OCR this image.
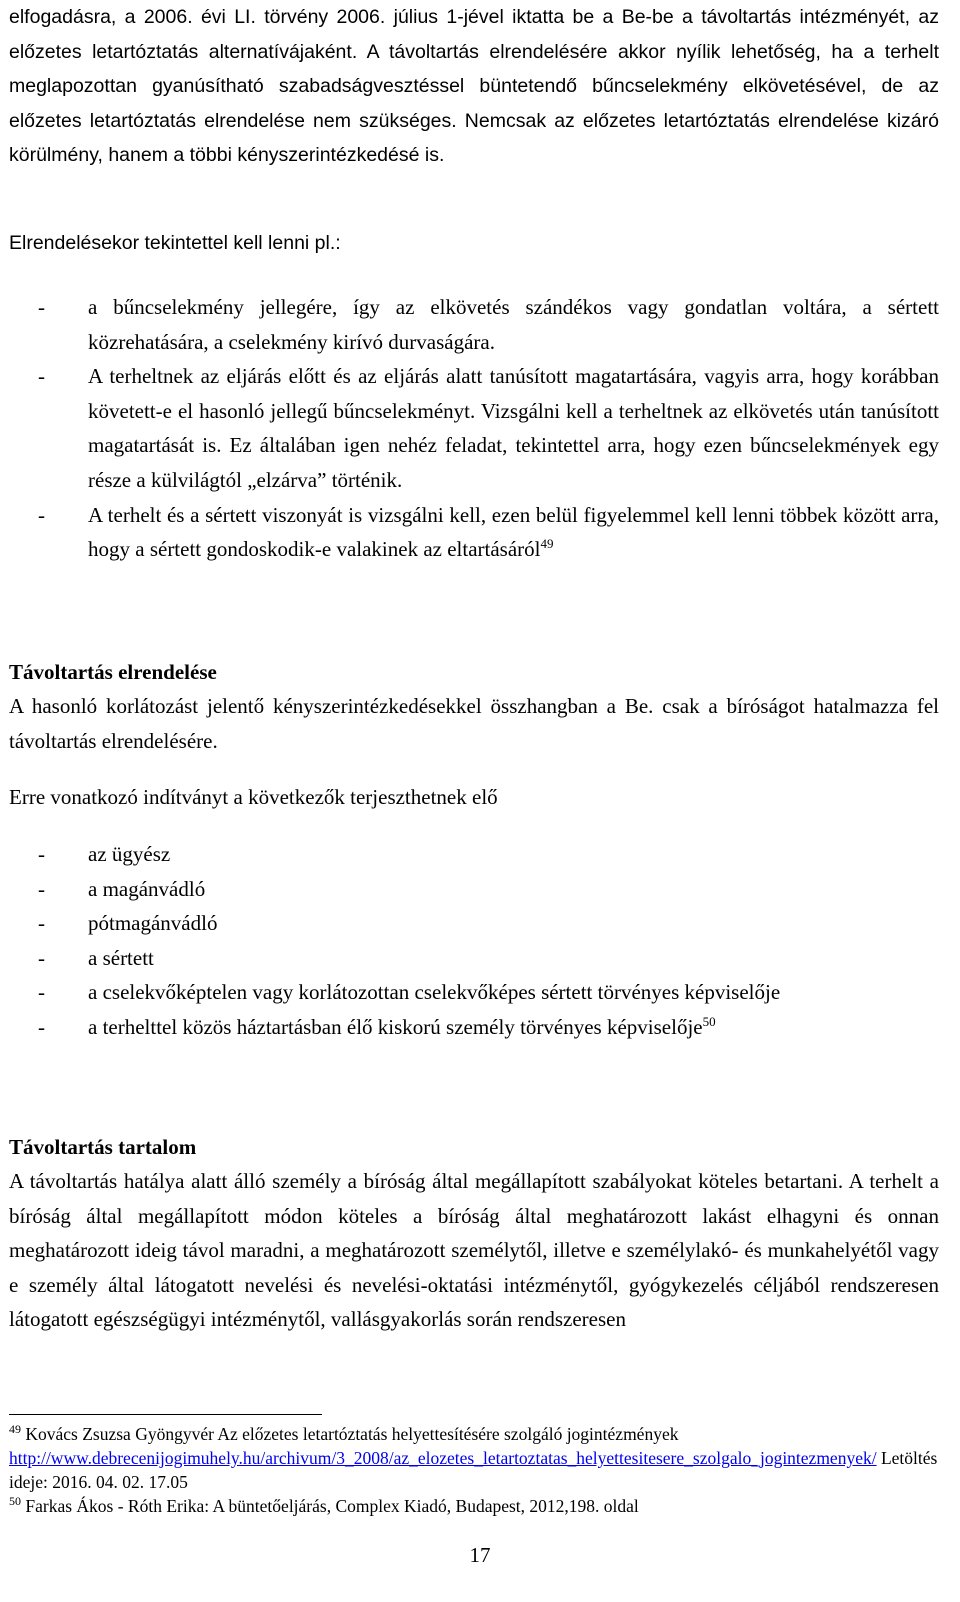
elfogadásra, a 2006. évi LI. törvény 2006. július 1-jével iktatta be a Be-be a távoltartás intézményét, az előzetes letartóztatás alternatívájaként. A távoltartás elrendelésére akkor nyílik lehetőség, ha a terhelt meglapozottan gyanúsítható szabadságvesztéssel büntetendő bűncselekmény elkövetésével, de az előzetes letartóztatás elrendelése nem szükséges. Nemcsak az előzetes letartóztatás elrendelése kizáró körülmény, hanem a többi kényszerintézkedésé is.

Elrendelésekor tekintettel kell lenni pl.:

- a bűncselekmény jellegére, így az elkövetés szándékos vagy gondatlan voltára, a sértett közrehatására, a cselekmény kirívó durvaságára.
- A terheltnek az eljárás előtt és az eljárás alatt tanúsított magatartására, vagyis arra, hogy korábban követett-e el hasonló jellegű bűncselekményt. Vizsgálni kell a terheltnek az elkövetés után tanúsított magatartását is. Ez általában igen nehéz feladat, tekintettel arra, hogy ezen bűncselekmények egy része a külvilágtól „elzárva” történik.
- A terhelt és a sértett viszonyát is vizsgálni kell, ezen belül figyelemmel kell lenni többek között arra, hogy a sértett gondoskodik-e valakinek az eltartásáról$^{49}$
Távoltartás elrendelése

A hasonló korlátozást jelentő kényszerintézkedésekkel összhangban a Be. csak a bíróságot hatalmazza fel távoltartás elrendelésére.

Erre vonatkozó indítványt a következők terjeszthetnek elő

- az ügyész
- a magánvádló
- pótmagánvádló
- a sértett
- a cselekvőképtelen vagy korlátozottan cselekvőképes sértett törvényes képviselője
- a terhelttel közös háztartásban élő kiskorú személy törvényes képviselője$^{50}$
Távoltartás tartalom

A távoltartás hatálya alatt álló személy a bíróság által megállapított szabályokat köteles betartani. A terhelt a bíróság által megállapított módon köteles a bíróság által meghatározott lakást elhagyni és onnan meghatározott ideig távol maradni, a meghatározott személytől, illetve e személylakó- és munkahelyétől vagy e személy által látogatott nevelési és nevelési-oktatási intézménytől, gyógykezelés céljából rendszeresen látogatott egészségügyi intézménytől, vallásgyakorlás során rendszeresen

$^{49}$ Kovács Zsuzsa Gyöngyvér Az előzetes letartóztatás helyettesítésére szolgáló jogintézmények
http://www.debrecenijogimuhely.hu/archivum/3_2008/az_elozetes_letartoztatas_helyettesitesere_szolgalo_jogintezmenyek/ Letöltés ideje: 2016. 04. 02. 17.05

$^{50}$ Farkas Ákos - Róth Erika: A büntetőeljárás, Complex Kiadó, Budapest, 2012,198. oldal

17
